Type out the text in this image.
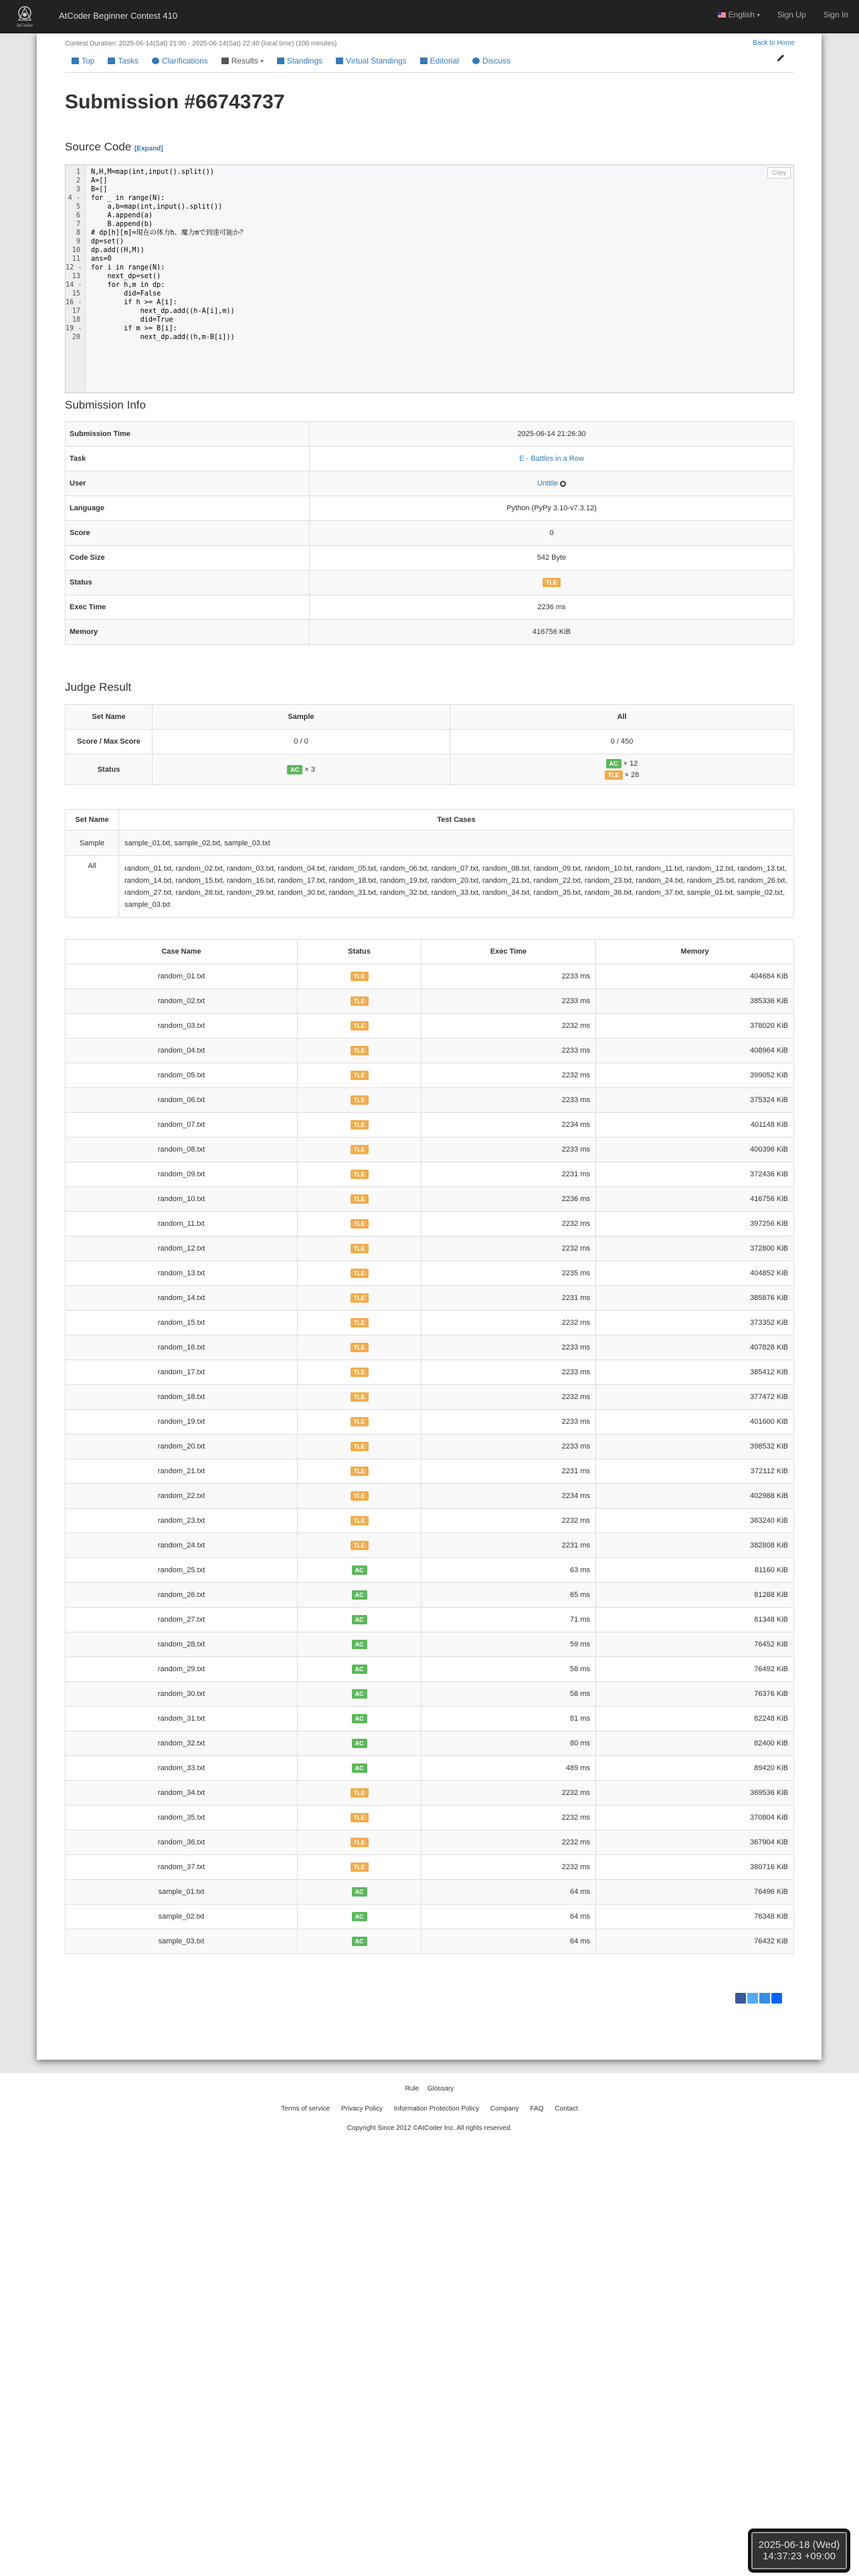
AtCoder
AtCoder Beginner Contest 410	English ▾ Sign Up Sign In
Contest Duration: 2025-06-14(Sat) 21:00 - 2025-06-14(Sat) 22:40 (local time) (100 minutes)	Back to Home
Top	Tasks	Clarifications	Results ▾	Standings	Virtual Standings	Editorial	Discuss
Submission #66743737
Source Code [Expand]
1 N,H,M=map(int,input().split())
2 A=[]
3 B=[]
4 - for _ in range(N):
5 a,b=map(int,input().split())
6 A.append(a)
7 B.append(b)
8 # dp[h][m]=現在の体力h、魔力mで到達可能か？
9 dp=set()
10 dp.add((H,M))
11 ans=0
12 - for i in range(N):
13 next_dp=set()
14 - for h,m in dp:
15 did=False
16 - if h >= A[i]:
17 next_dp.add((h-A[i],m))
18 did=True
19 - if m >= B[i]:
20 next_dp.add((h,m-B[i]))
Copy
Submission Info
Submission Time	2025-06-14 21:26:30
Task	E - Battles in a Row
User	Untitle
Language	Python (PyPy 3.10-v7.3.12)
Score	0
Code Size	542 Byte
Status	TLE
Exec Time	2236 ms
Memory	416756 KiB
Judge Result
Set Name	Sample	All
Score / Max Score	0 / 0	0 / 450
Status	AC × 3	AC × 12
TLE × 28
Set Name	Test Cases
Sample	sample_01.txt, sample_02.txt, sample_03.txt
All	random_01.txt, random_02.txt, random_03.txt, random_04.txt, random_05.txt, random_06.txt, random_07.txt, random_08.txt, random_09.txt, random_10.txt, random_11.txt, random_12.txt, random_13.txt, random_14.txt, random_15.txt, random_16.txt, random_17.txt, random_18.txt, random_19.txt, random_20.txt, random_21.txt, random_22.txt, random_23.txt, random_24.txt, random_25.txt, random_26.txt, random_27.txt, random_28.txt, random_29.txt, random_30.txt, random_31.txt, random_32.txt, random_33.txt, random_34.txt, random_35.txt, random_36.txt, random_37.txt, sample_01.txt, sample_02.txt, sample_03.txt
Case Name	Status	Exec Time	Memory
random_01.txt	TLE	2233 ms	404684 KiB
random_02.txt	TLE	2233 ms	385336 KiB
random_03.txt	TLE	2232 ms	378020 KiB
random_04.txt	TLE	2233 ms	408964 KiB
random_05.txt	TLE	2232 ms	399052 KiB
random_06.txt	TLE	2233 ms	375324 KiB
random_07.txt	TLE	2234 ms	401148 KiB
random_08.txt	TLE	2233 ms	400396 KiB
random_09.txt	TLE	2231 ms	372436 KiB
random_10.txt	TLE	2236 ms	416756 KiB
random_11.txt	TLE	2232 ms	397256 KiB
random_12.txt	TLE	2232 ms	372800 KiB
random_13.txt	TLE	2235 ms	404852 KiB
random_14.txt	TLE	2231 ms	385876 KiB
random_15.txt	TLE	2232 ms	373352 KiB
random_16.txt	TLE	2233 ms	407828 KiB
random_17.txt	TLE	2233 ms	385412 KiB
random_18.txt	TLE	2232 ms	377472 KiB
random_19.txt	TLE	2233 ms	401600 KiB
random_20.txt	TLE	2233 ms	398532 KiB
random_21.txt	TLE	2231 ms	372112 KiB
random_22.txt	TLE	2234 ms	402988 KiB
random_23.txt	TLE	2232 ms	383240 KiB
random_24.txt	TLE	2231 ms	382808 KiB
random_25.txt	AC	63 ms	81160 KiB
random_26.txt	AC	65 ms	81288 KiB
random_27.txt	AC	71 ms	81348 KiB
random_28.txt	AC	59 ms	76452 KiB
random_29.txt	AC	58 ms	76492 KiB
random_30.txt	AC	58 ms	76376 KiB
random_31.txt	AC	81 ms	82248 KiB
random_32.txt	AC	80 ms	82400 KiB
random_33.txt	AC	489 ms	89420 KiB
random_34.txt	TLE	2232 ms	369536 KiB
random_35.txt	TLE	2232 ms	370804 KiB
random_36.txt	TLE	2232 ms	367904 KiB
random_37.txt	TLE	2232 ms	380716 KiB
sample_01.txt	AC	64 ms	76496 KiB
sample_02.txt	AC	64 ms	76348 KiB
sample_03.txt	AC	64 ms	76432 KiB
Rule Glossary
Terms of service Privacy Policy Information Protection Policy Company FAQ Contact
Copyright Since 2012 ©AtCoder Inc. All rights reserved.
2025-06-18 (Wed)
14:37:23 +09:00
